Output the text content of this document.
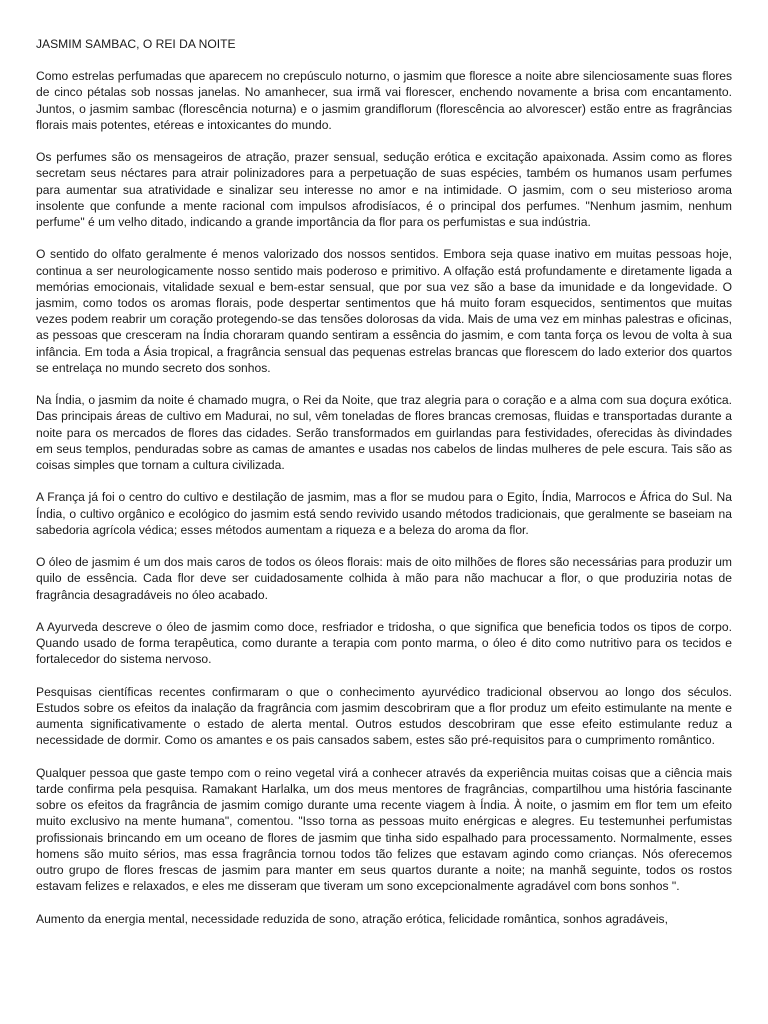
JASMIM SAMBAC, O REI DA NOITE

Como estrelas perfumadas que aparecem no crepúsculo noturno, o jasmim que floresce a noite abre silenciosamente suas flores de cinco pétalas sob nossas janelas. No amanhecer, sua irmã vai florescer, enchendo novamente a brisa com encantamento. Juntos, o jasmim sambac (florescência noturna) e o jasmim grandiflorum (florescência ao alvorescer) estão entre as fragrâncias florais mais potentes, etéreas e intoxicantes do mundo.

Os perfumes são os mensageiros de atração, prazer sensual, sedução erótica e excitação apaixonada. Assim como as flores secretam seus néctares para atrair polinizadores para a perpetuação de suas espécies, também os humanos usam perfumes para aumentar sua atratividade e sinalizar seu interesse no amor e na intimidade. O jasmim, com o seu misterioso aroma insolente que confunde a mente racional com impulsos afrodisíacos, é o principal dos perfumes. "Nenhum jasmim, nenhum perfume" é um velho ditado, indicando a grande importância da flor para os perfumistas e sua indústria.

O sentido do olfato geralmente é menos valorizado dos nossos sentidos. Embora seja quase inativo em muitas pessoas hoje, continua a ser neurologicamente nosso sentido mais poderoso e primitivo. A olfação está profundamente e diretamente ligada a memórias emocionais, vitalidade sexual e bem-estar sensual, que por sua vez são a base da imunidade e da longevidade. O jasmim, como todos os aromas florais, pode despertar sentimentos que há muito foram esquecidos, sentimentos que muitas vezes podem reabrir um coração protegendo-se das tensões dolorosas da vida. Mais de uma vez em minhas palestras e oficinas, as pessoas que cresceram na Índia choraram quando sentiram a essência do jasmim, e com tanta força os levou de volta à sua infância. Em toda a Ásia tropical, a fragrância sensual das pequenas estrelas brancas que florescem do lado exterior dos quartos se entrelaça no mundo secreto dos sonhos.

Na Índia, o jasmim da noite é chamado mugra, o Rei da Noite, que traz alegria para o coração e a alma com sua doçura exótica. Das principais áreas de cultivo em Madurai, no sul, vêm toneladas de flores brancas cremosas, fluidas e transportadas durante a noite para os mercados de flores das cidades. Serão transformados em guirlandas para festividades, oferecidas às divindades em seus templos, penduradas sobre as camas de amantes e usadas nos cabelos de lindas mulheres de pele escura. Tais são as coisas simples que tornam a cultura civilizada.

A França já foi o centro do cultivo e destilação de jasmim, mas a flor se mudou para o Egito, Índia, Marrocos e África do Sul. Na Índia, o cultivo orgânico e ecológico do jasmim está sendo revivido usando métodos tradicionais, que geralmente se baseiam na sabedoria agrícola védica; esses métodos aumentam a riqueza e a beleza do aroma da flor.

O óleo de jasmim é um dos mais caros de todos os óleos florais: mais de oito milhões de flores são necessárias para produzir um quilo de essência. Cada flor deve ser cuidadosamente colhida à mão para não machucar a flor, o que produziria notas de fragrância desagradáveis no óleo acabado.

A Ayurveda descreve o óleo de jasmim como doce, resfriador e tridosha, o que significa que beneficia todos os tipos de corpo. Quando usado de forma terapêutica, como durante a terapia com ponto marma, o óleo é dito como nutritivo para os tecidos e fortalecedor do sistema nervoso.

Pesquisas científicas recentes confirmaram o que o conhecimento ayurvédico tradicional observou ao longo dos séculos. Estudos sobre os efeitos da inalação da fragrância com jasmim descobriram que a flor produz um efeito estimulante na mente e aumenta significativamente o estado de alerta mental. Outros estudos descobriram que esse efeito estimulante reduz a necessidade de dormir. Como os amantes e os pais cansados sabem, estes são pré-requisitos para o cumprimento romântico.

Qualquer pessoa que gaste tempo com o reino vegetal virá a conhecer através da experiência muitas coisas que a ciência mais tarde confirma pela pesquisa. Ramakant Harlalka, um dos meus mentores de fragrâncias, compartilhou uma história fascinante sobre os efeitos da fragrância de jasmim comigo durante uma recente viagem à Índia. À noite, o jasmim em flor tem um efeito muito exclusivo na mente humana", comentou. "Isso torna as pessoas muito enérgicas e alegres. Eu testemunhei perfumistas profissionais brincando em um oceano de flores de jasmim que tinha sido espalhado para processamento. Normalmente, esses homens são muito sérios, mas essa fragrância tornou todos tão felizes que estavam agindo como crianças. Nós oferecemos outro grupo de flores frescas de jasmim para manter em seus quartos durante a noite; na manhã seguinte, todos os rostos estavam felizes e relaxados, e eles me disseram que tiveram um sono excepcionalmente agradável com bons sonhos ".

Aumento da energia mental, necessidade reduzida de sono, atração erótica, felicidade romântica, sonhos agradáveis,
